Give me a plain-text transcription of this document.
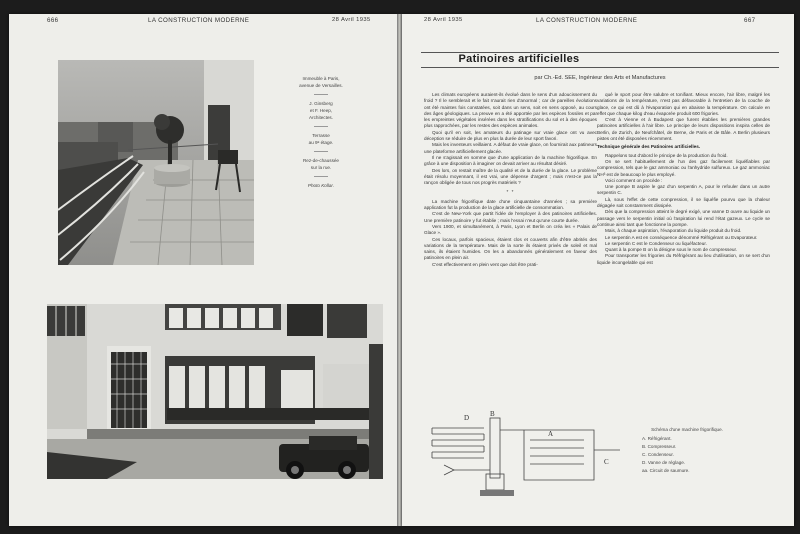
666	LA CONSTRUCTION MODERNE	28 Avril 1935
Immeuble à Paris,
avenue de Versailles.
J. Ginsberg
et F. Heep,
Architectes.
Terrasse
au 9ᵉ étage.
Rez-de-chaussée
sur la rue.
Photo Kollar.
28 Avril 1935	LA CONSTRUCTION MODERNE	667
Patinoires artificielles
par Ch.-Ed. SEE, Ingénieur des Arts et Manufactures

Les climats européens auraient-ils évolué dans le sens d'un adoucissement du froid ? Il le semblerait et le fait n'aurait rien d'anormal ; car de pareilles évolutions ont été maintes fois constatées, soit dans un sens, soit en sens opposé, au cours des âges géologiques. La preuve en a été apportée par les espèces fossiles et par les empreintes végétales insérées dans les stratifications du sol et à des époques plus rapprochées, par les restes des espèces animales.

Quoi qu'il en soit, les amateurs du patinage sur vraie glace ont vu avec déception se réduire de plus en plus la durée de leur sport favori.

Mais les inventeurs veillaient. A défaut de vraie glace, on fournirait aux patineurs une plateforme artificiellement glacée.

Il ne s'agissait en somme que d'une application de la machine frigorifique. En grâce à une disposition à imaginer on devait arriver au résultat désiré.

Des lors, on restait maître de la qualité et de la durée de la glace. Le problème était résolu moyennant, il est vrai, une dépense d'argent ; mais n'est-ce pas la rançon obligée de tous nos progrès matériels ?

* *

La machine frigorifique date d'une cinquantaine d'années ; sa première application fut la production de la glace artificielle de consommation.

C'est de New-York que partit l'idée de l'employer à des patinoires artificielles. Une première patinoire y fut établie ; mais l'essai n'eut qu'une courte durée.

Vers 1900, et simultanément, à Paris, Lyon et Berlin on créa les « Palais de Glace ».

Ces locaux, parfois spacieux, étaient clos et couverts afin d'être abrités des variations de la température. Mais de la sorte ils étaient privés de soleil et mal sains, ils étaient humides. On les a abandonnés généralement en faveur des patinoires en plein air.

C'est effectivement en plein vent que doit être prati-

qué le sport pour être salubre et tonifiant. Mieux encore, l'air libre, malgré les variations de la température, n'est pas défavorable à l'entretien de la couche de glace, ce qui est dû à l'évaporation qui en abaisse la température. On calcule en effet que chaque kilog d'eau évaporée produit 600 frigories.

C'est à Vienne et à Budapest que furent établies les premières grandes patinoires artificielles à l'air libre. Le principe de leurs dispositions inspira celles de Berlin, de Zurich, de Neufchâtel, de Berne, de Paris et de Bâle. A Berlin plusieurs pistes ont été disposées récemment.

Technique générale des Patinoires artificielles.

Rappelons tout d'abord le principe de la production du froid.

On se sert habituellement de l'un des gaz facilement liquéfiables par compression, tels que le gaz ammoniac ou l'anhydride sulfureux. Le gaz ammoniac NH³ est de beaucoup le plus employé.

Voici comment on procède :

Une pompe B aspire le gaz d'un serpentin A, pour le refouler dans un autre serpentin C.

Là, sous l'effet de cette compression, il se liquéfie pourvu que la chaleur dégagée soit constamment dissipée.

Dès que la compression atteint le degré exigé, une vanne D ouvre au liquide un passage vers le serpentin initial où l'aspiration lui rend l'état gazeux. Le cycle se continue ainsi tant que fonctionne la pompe.

Mais, à chaque aspiration, l'évaporation du liquide produit du froid.

Le serpentin A est en conséquence dénommé Réfrigérant ou Evaporateur.

Le serpentin C est le Condenseur ou liquéfacteur.

Quant à la pompe B on la désigne sous le nom de compresseur.

Pour transporter les frigories du Réfrigérant au lieu d'utilisation, on se sert d'un liquide incongelable qui est

B
D
A
C
Schéma d'une machine frigorifique.
A. Réfrigérant.
B. Compresseur.
C. Condenseur.
D. Vanne de réglage.
aa. Circuit de saumure.
